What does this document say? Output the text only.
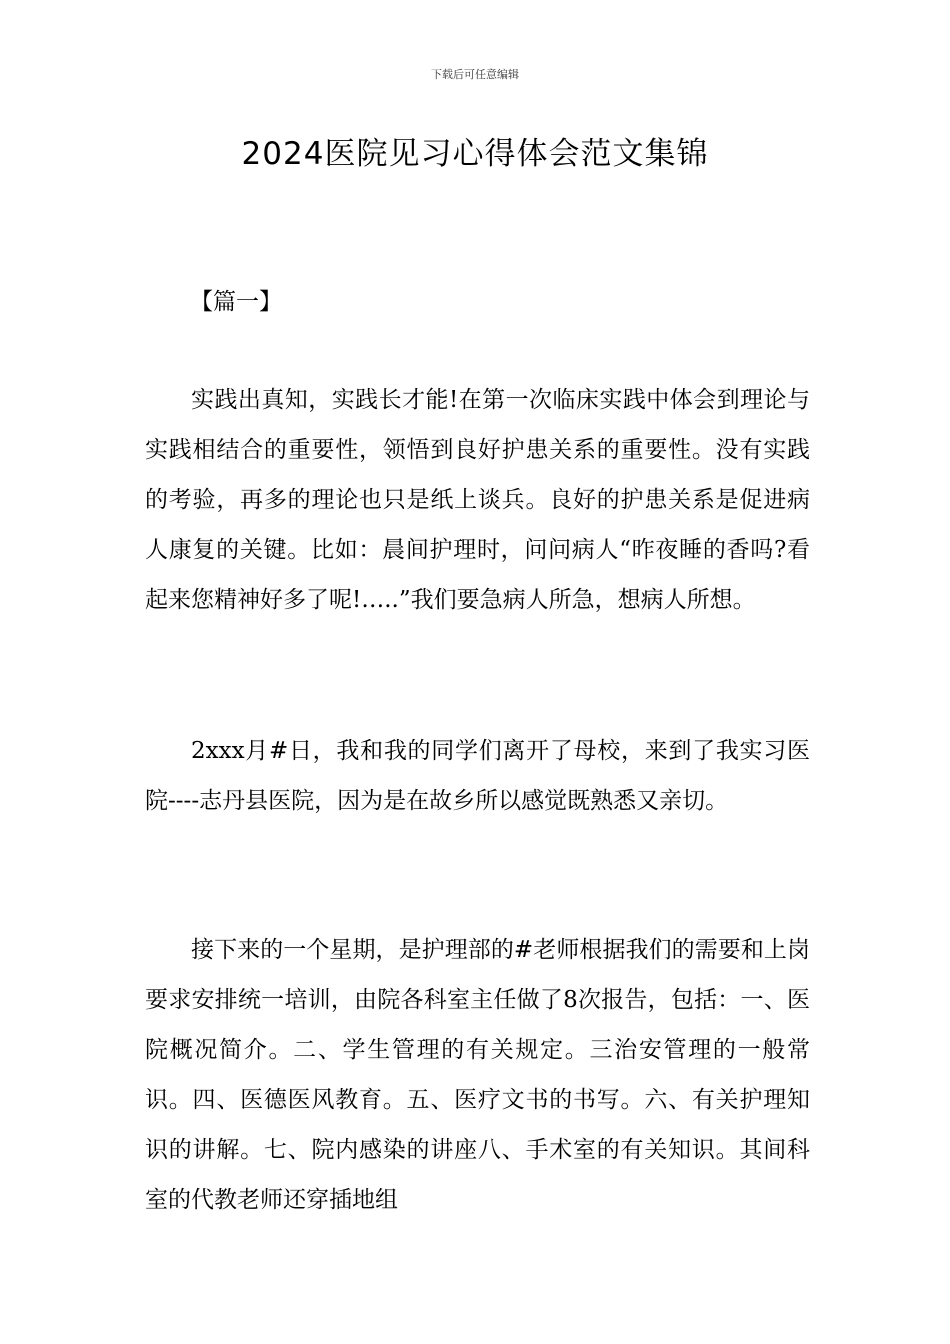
下载后可任意编辑
2024医院见习心得体会范文集锦
【篇一】

实践出真知，实践长才能!在第一次临床实践中体会到理论与实践相结合的重要性，领悟到良好护患关系的重要性。没有实践的考验，再多的理论也只是纸上谈兵。良好的护患关系是促进病人康复的关键。比如：晨间护理时，问问病人“昨夜睡的香吗?看起来您精神好多了呢!…..”我们要急病人所急，想病人所想。

2xxx月#日，我和我的同学们离开了母校，来到了我实习医院----志丹县医院，因为是在故乡所以感觉既熟悉又亲切。

接下来的一个星期，是护理部的#老师根据我们的需要和上岗要求安排统一培训，由院各科室主任做了8次报告，包括：一、医院概况简介。二、学生管理的有关规定。三治安管理的一般常识。四、医德医风教育。五、医疗文书的书写。六、有关护理知识的讲解。七、院内感染的讲座八、手术室的有关知识。其间科室的代教老师还穿插地组
